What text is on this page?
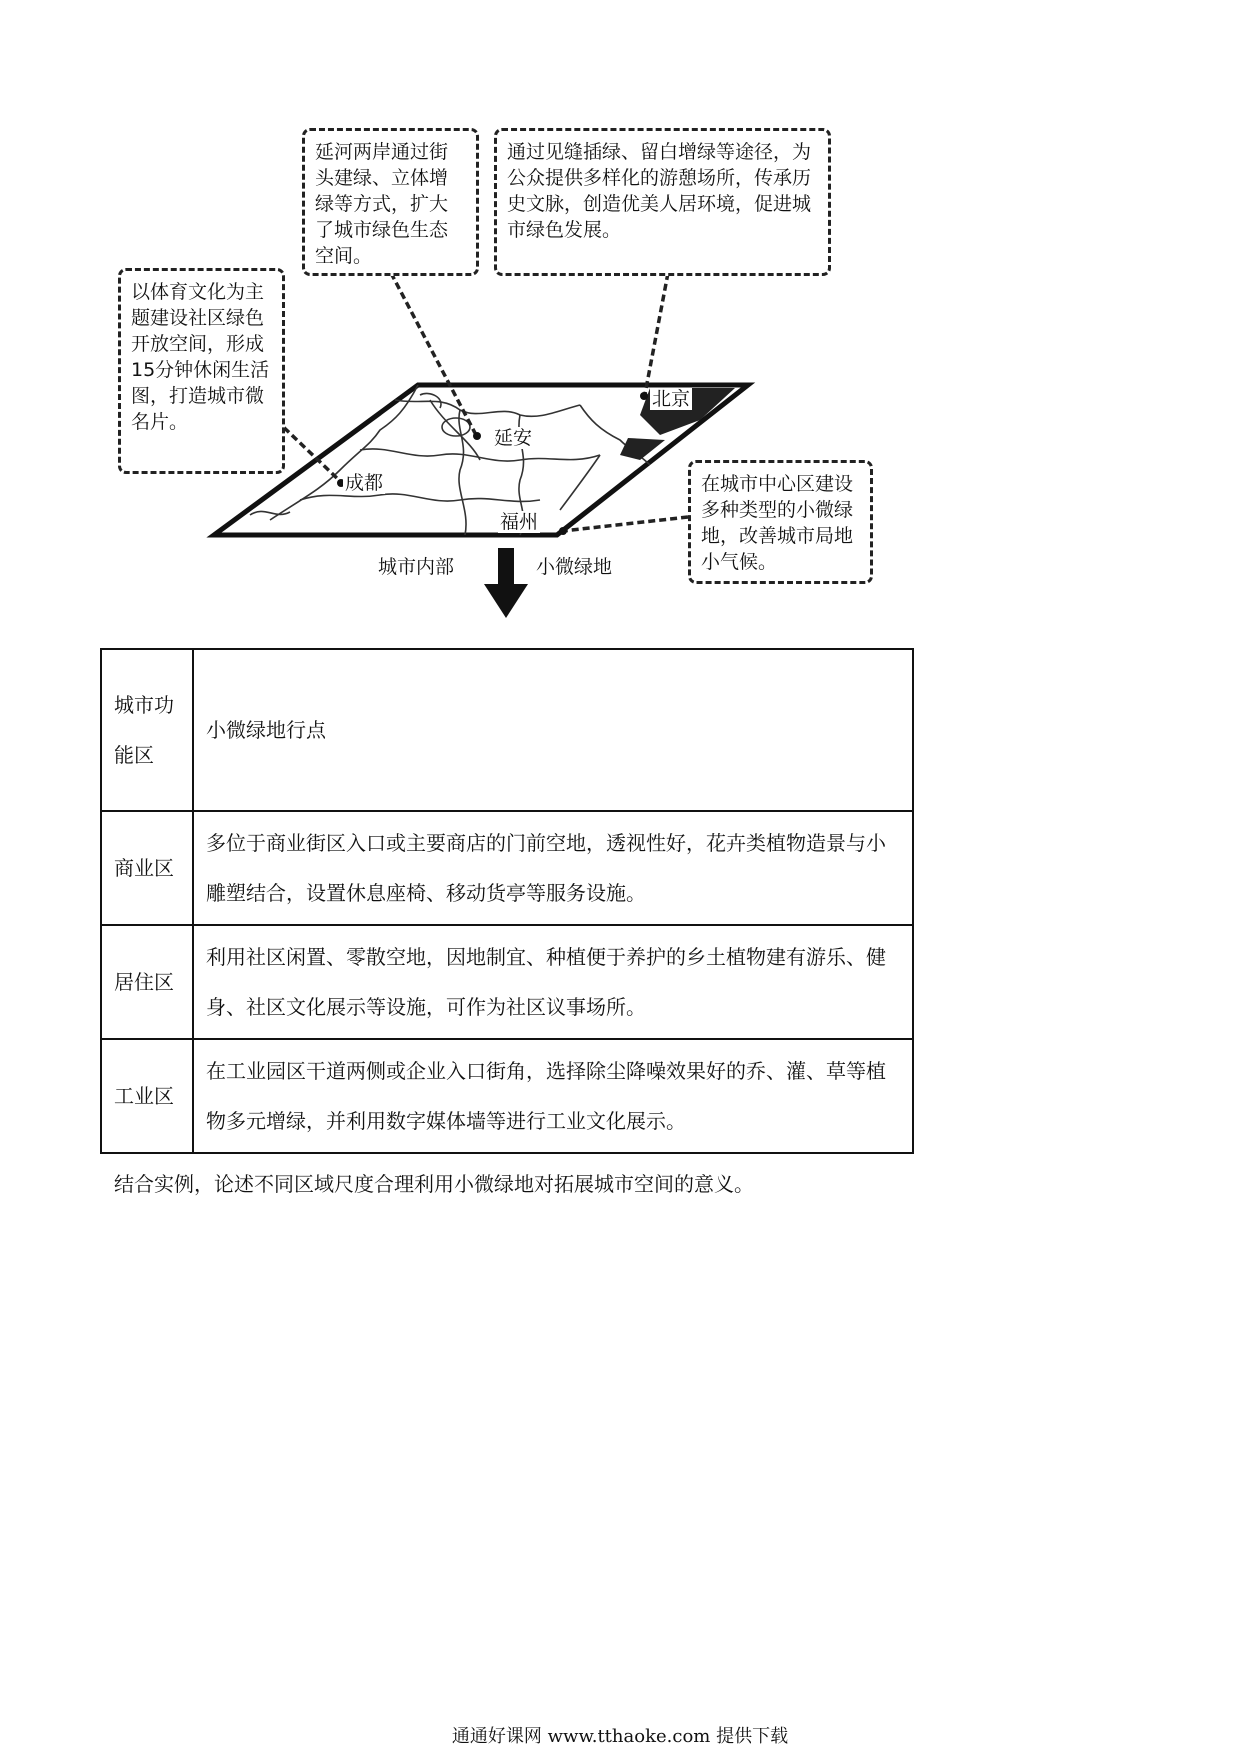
延河两岸通过街头建绿、立体增绿等方式，扩大了城市绿色生态空间。
通过见缝插绿、留白增绿等途径，为公众提供多样化的游憩场所，传承历史文脉，创造优美人居环境，促进城市绿色发展。
以体育文化为主题建设社区绿色开放空间，形成15分钟休闲生活图，打造城市微名片。
在城市中心区建设多种类型的小微绿地，改善城市局地小气候。
北京
延安
成都
福州
城市内部	小微绿地
城市功能区	小微绿地行点
商业区	多位于商业街区入口或主要商店的门前空地，透视性好，花卉类植物造景与小雕塑结合，设置休息座椅、移动货亭等服务设施。
居住区	利用社区闲置、零散空地，因地制宜、种植便于养护的乡土植物建有游乐、健身、社区文化展示等设施，可作为社区议事场所。
工业区	在工业园区干道两侧或企业入口街角，选择除尘降噪效果好的乔、灌、草等植物多元增绿，并利用数字媒体墙等进行工业文化展示。
结合实例，论述不同区域尺度合理利用小微绿地对拓展城市空间的意义。
通通好课网 www.tthaoke.com 提供下载
